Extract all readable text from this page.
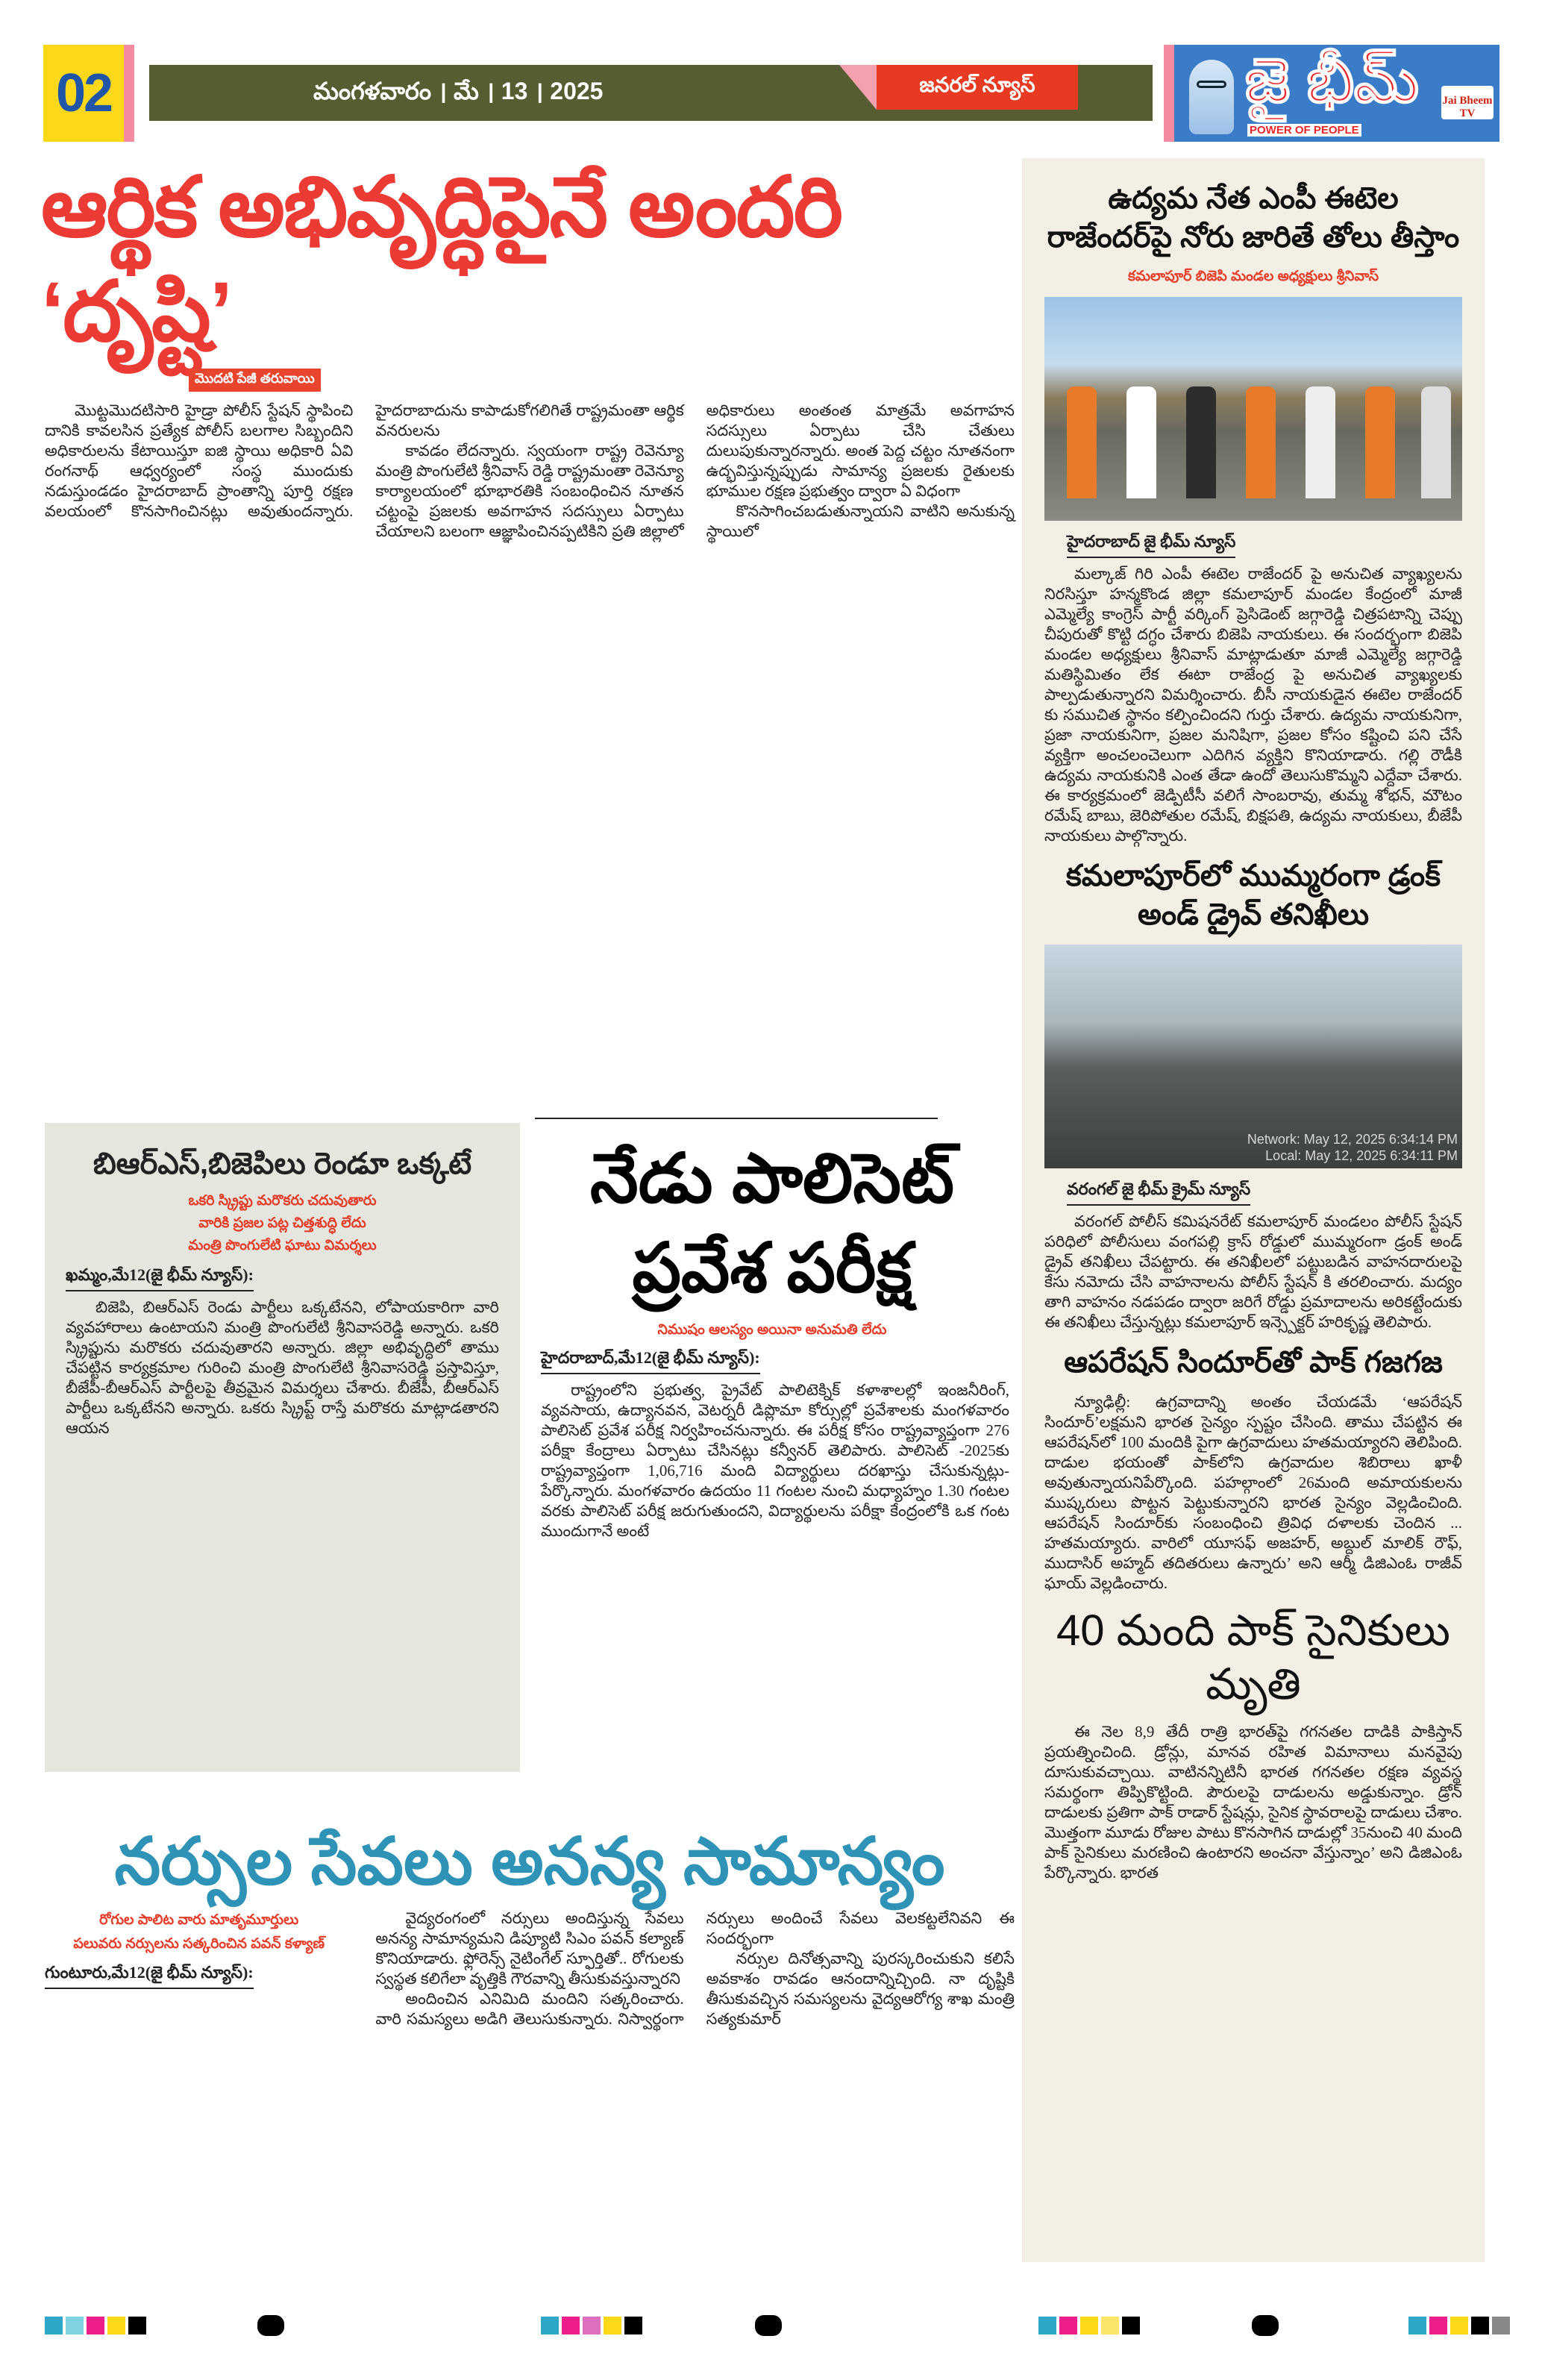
02	మంగళవారం । మే । 13 । 2025	జనరల్ న్యూస్	జై భీమ్
POWER OF PEOPLE
Jai Bheem TV
ఆర్థిక అభివృద్ధిపైనే అందరి ‘దృష్టి’
మొదటి పేజీ తరువాయి

మొట్టమొదటిసారి హైడ్రా పోలీస్ స్టేషన్ స్థాపించి దానికి కావలసిన ప్రత్యేక పోలీస్ బలగాల సిబ్బందిని అధికారులను కేటాయిస్తూ ఐజి స్థాయి అధికారి ఏవి రంగనాథ్ ఆధ్వర్యంలో సంస్థ ముందుకు నడుస్తుండడం హైదరాబాద్ ప్రాంతాన్ని పూర్తి రక్షణ వలయంలో కొనసాగించినట్లు అవుతుందన్నారు. హైదరాబాదును కాపాడుకోగలిగితే రాష్ట్రమంతా ఆర్థిక వనరులను

కావడం లేదన్నారు. స్వయంగా రాష్ట్ర రెవెన్యూ మంత్రి పొంగులేటి శ్రీనివాస్ రెడ్డి రాష్ట్రమంతా రెవెన్యూ కార్యాలయంలో భూభారతికి సంబంధించిన నూతన చట్టంపై ప్రజలకు అవగాహన సదస్సులు ఏర్పాటు చేయాలని బలంగా ఆజ్ఞాపించినప్పటికిని ప్రతి జిల్లాలో అధికారులు అంతంత మాత్రమే అవగాహన సదస్సులు ఏర్పాటు చేసి చేతులు దులుపుకున్నారన్నారు. అంత పెద్ద చట్టం నూతనంగా ఉద్భవిస్తున్నప్పుడు సామాన్య ప్రజలకు రైతులకు భూముల రక్షణ ప్రభుత్వం ద్వారా ఏ విధంగా

కొనసాగించబడుతున్నాయని వాటిని అనుకున్న స్థాయిలో

ఉద్యమ నేత ఎంపీ ఈటెల రాజేందర్‌పై నోరు జారితే తోలు తీస్తాం
కమలాపూర్ బిజెపి మండల అధ్యక్షులు శ్రీనివాస్
హైదరాబాద్ జై భీమ్ న్యూస్

మల్కాజ్ గిరి ఎంపీ ఈటెల రాజేందర్ పై అనుచిత వ్యాఖ్యలను నిరసిస్తూ హన్మకొండ జిల్లా కమలాపూర్ మండల కేంద్రంలో మాజీ ఎమ్మెల్యే కాంగ్రెస్ పార్టీ వర్కింగ్ ప్రెసిడెంట్ జగ్గారెడ్డి చిత్రపటాన్ని చెప్పు చీపురుతో కొట్టి దగ్ధం చేశారు బిజెపి నాయకులు. ఈ సందర్భంగా బిజెపి మండల అధ్యక్షులు శ్రీనివాస్ మాట్లాడుతూ మాజీ ఎమ్మెల్యే జగ్గారెడ్డి మతిస్థిమితం లేక ఈటా రాజేంద్ర పై అనుచిత వ్యాఖ్యలకు పాల్పడుతున్నారని విమర్శించారు. బీసీ నాయకుడైన ఈటెల రాజేందర్ కు సముచిత స్థానం కల్పించిందని గుర్తు చేశారు. ఉద్యమ నాయకునిగా, ప్రజా నాయకునిగా, ప్రజల మనిషిగా, ప్రజల కోసం కష్టించి పని చేసే వ్యక్తిగా అంచలంచెలుగా ఎదిగిన వ్యక్తిని కొనియాడారు. గల్లి రౌడీకి ఉద్యమ నాయకునికి ఎంత తేడా ఉందో తెలుసుకొమ్మని ఎద్దేవా చేశారు. ఈ కార్యక్రమంలో జెడ్పిటీసీ వలిగే సాంబరావు, తుమ్మ శోభన్, మౌటం రమేష్ బాబు, జెరిపోతుల రమేష్, బిక్షపతి, ఉద్యమ నాయకులు, బీజేపీ నాయకులు పాల్గొన్నారు.

కమలాపూర్‌లో ముమ్మరంగా డ్రంక్ అండ్ డ్రైవ్ తనిఖీలు
Network: May 12, 2025 6:34:14 PM
Local: May 12, 2025 6:34:11 PM
వరంగల్ జై భీమ్ క్రైమ్ న్యూస్

వరంగల్ పోలీస్ కమిషనరేట్ కమలాపూర్ మండలం పోలీస్ స్టేషన్ పరిధిలో పోలీసులు వంగపల్లి క్రాస్ రోడ్డులో ముమ్మరంగా డ్రంక్ అండ్ డ్రైవ్ తనిఖీలు చేపట్టారు. ఈ తనిఖీలలో పట్టుబడిన వాహనదారులపై కేసు నమోదు చేసి వాహనాలను పోలీస్ స్టేషన్ కి తరలించారు. మద్యం తాగి వాహనం నడపడం ద్వారా జరిగే రోడ్డు ప్రమాదాలను అరికట్టేందుకు ఈ తనిఖీలు చేస్తున్నట్లు కమలాపూర్ ఇన్స్పెక్టర్ హరికృష్ణ తెలిపారు.

ఆపరేషన్ సిందూర్‌తో పాక్ గజగజ

న్యూఢిల్లీ: ఉగ్రవాదాన్ని అంతం చేయడమే ‘ఆపరేషన్ సిందూర్’లక్షమని భారత సైన్యం స్పష్టం చేసింది. తాము చేపట్టిన ఈ ఆపరేషన్‌లో 100 మందికి పైగా ఉగ్రవాదులు హతమయ్యారని తెలిపింది. దాడుల భయంతో పాక్‌లోని ఉగ్రవాదుల శిబిరాలు ఖాళీ అవుతున్నాయనిపేర్కొంది. పహల్గాంలో 26మంది అమాయకులను ముష్కరులు పొట్టన పెట్టుకున్నారని భారత సైన్యం వెల్లడించింది. ఆపరేషన్ సిందూర్‌కు సంబంధించి త్రివిధ దళాలకు చెందిన ... హతమయ్యారు. వారిలో యూసఫ్ అజహర్, అబ్దుల్ మాలిక్ రౌఫ్, ముదాసిర్ అహ్మద్ తదితరులు ఉన్నారు’ అని ఆర్మీ డిజిఎంఓ రాజీవ్ ఘాయ్ వెల్లడించారు.

40 మంది పాక్ సైనికులు మృతి

ఈ నెల 8,9 తేదీ రాత్రి భారత్‌పై గగనతల దాడికి పాకిస్తాన్ ప్రయత్నించింది. డ్రోన్లు, మానవ రహిత విమానాలు మనవైపు దూసుకువచ్చాయి. వాటినన్నిటినీ భారత గగనతల రక్షణ వ్యవస్థ సమర్థంగా తిప్పికొట్టింది. పౌరులపై దాడులను అడ్డుకున్నాం. డ్రోన్ దాడులకు ప్రతిగా పాక్ రాడార్ స్టేషన్లు, సైనిక స్థావరాలపై దాడులు చేశాం. మొత్తంగా మూడు రోజుల పాటు కొనసాగిన దాడుల్లో 35నుంచి 40 మంది పాక్ సైనికులు మరణించి ఉంటారని అంచనా వేస్తున్నాం’ అని డిజిఎంఓ పేర్కొన్నారు. భారత

బిఆర్ఎస్,బిజెపిలు రెండూ ఒక్కటే
ఒకరి స్క్రిప్టు మరొకరు చదువుతారు
వారికి ప్రజల పట్ల చిత్తశుద్ధి లేదు
మంత్రి పొంగులేటి ఘాటు విమర్శలు
ఖమ్మం,మే12(జై భీమ్ న్యూస్):

బిజెపి, బిఆర్ఎస్ రెండు పార్టీలు ఒక్కటేనని, లోపాయకారిగా వారి వ్యవహారాలు ఉంటాయని మంత్రి పొంగులేటి శ్రీనివాసరెడ్డి అన్నారు. ఒకరి స్క్రిప్టును మరొకరు చదువుతారని అన్నారు. జిల్లా అభివృద్ధిలో తాము చేపట్టిన కార్యక్రమాల గురించి మంత్రి పొంగులేటి శ్రీనివాసరెడ్డి ప్రస్తావిస్తూ, బీజేపీ-బీఆర్ఎస్ పార్టీలపై తీవ్రమైన విమర్శలు చేశారు. బీజేపీ, బీఆర్ఎస్ పార్టీలు ఒక్కటేనని అన్నారు. ఒకరు స్క్రిప్ట్ రాస్తే మరొకరు మాట్లాడతారని ఆయన

నేడు పాలిసెట్ ప్రవేశ పరీక్ష
నిముషం ఆలస్యం అయినా అనుమతి లేదు
హైదరాబాద్,మే12(జై భీమ్ న్యూస్):

రాష్ట్రంలోని ప్రభుత్వ, ప్రైవేట్ పాలిటెక్నిక్ కళాశాలల్లో ఇంజనీరింగ్, వ్యవసాయ, ఉద్యానవన, వెటర్నరీ డిప్లొమా కోర్సుల్లో ప్రవేశాలకు మంగళవారం పాలిసెట్ ప్రవేశ పరీక్ష నిర్వహించనున్నారు. ఈ పరీక్ష కోసం రాష్ట్రవ్యాప్తంగా 276 పరీక్షా కేంద్రాలు ఏర్పాటు చేసినట్లు కన్వీనర్ తెలిపారు. పాలిసెట్ -2025కు రాష్ట్రవ్యాప్తంగా 1,06,716 మంది విద్యార్థులు దరఖాస్తు చేసుకున్నట్లు- పేర్కొన్నారు. మంగళవారం ఉదయం 11 గంటల నుంచి మధ్యాహ్నం 1.30 గంటల వరకు పాలిసెట్ పరీక్ష జరుగుతుందని, విద్యార్థులను పరీక్షా కేంద్రంలోకి ఒక గంట ముందుగానే అంటే

నర్సుల సేవలు అనన్య సామాన్యం
రోగుల పాలిట వారు మాతృమూర్తులు
పలువరు నర్సులను సత్కరించిన పవన్ కళ్యాణ్
గుంటూరు,మే12(జై భీమ్ న్యూస్):

వైద్యరంగంలో నర్సులు అందిస్తున్న సేవలు అనన్య సామాన్యమని డిప్యూటి సిఎం పవన్ కల్యాణ్ కొనియాడారు. ఫ్లోరెన్స్ నైటింగేల్ స్ఫూర్తితో.. రోగులకు స్వస్థత కలిగేలా వృత్తికి గౌరవాన్ని తీసుకువస్తున్నారని

అందించిన ఎనిమిది మందిని సత్కరించారు. వారి సమస్యలు అడిగి తెలుసుకున్నారు. నిస్వార్థంగా నర్సులు అందించే సేవలు వెలకట్టలేనివని ఈ సందర్భంగా

నర్సుల దినోత్సవాన్ని పురస్కరించుకుని కలిసే అవకాశం రావడం ఆనందాన్నిచ్చింది. నా దృష్టికి తీసుకువచ్చిన సమస్యలను వైద్యఆరోగ్య శాఖ మంత్రి సత్యకుమార్
